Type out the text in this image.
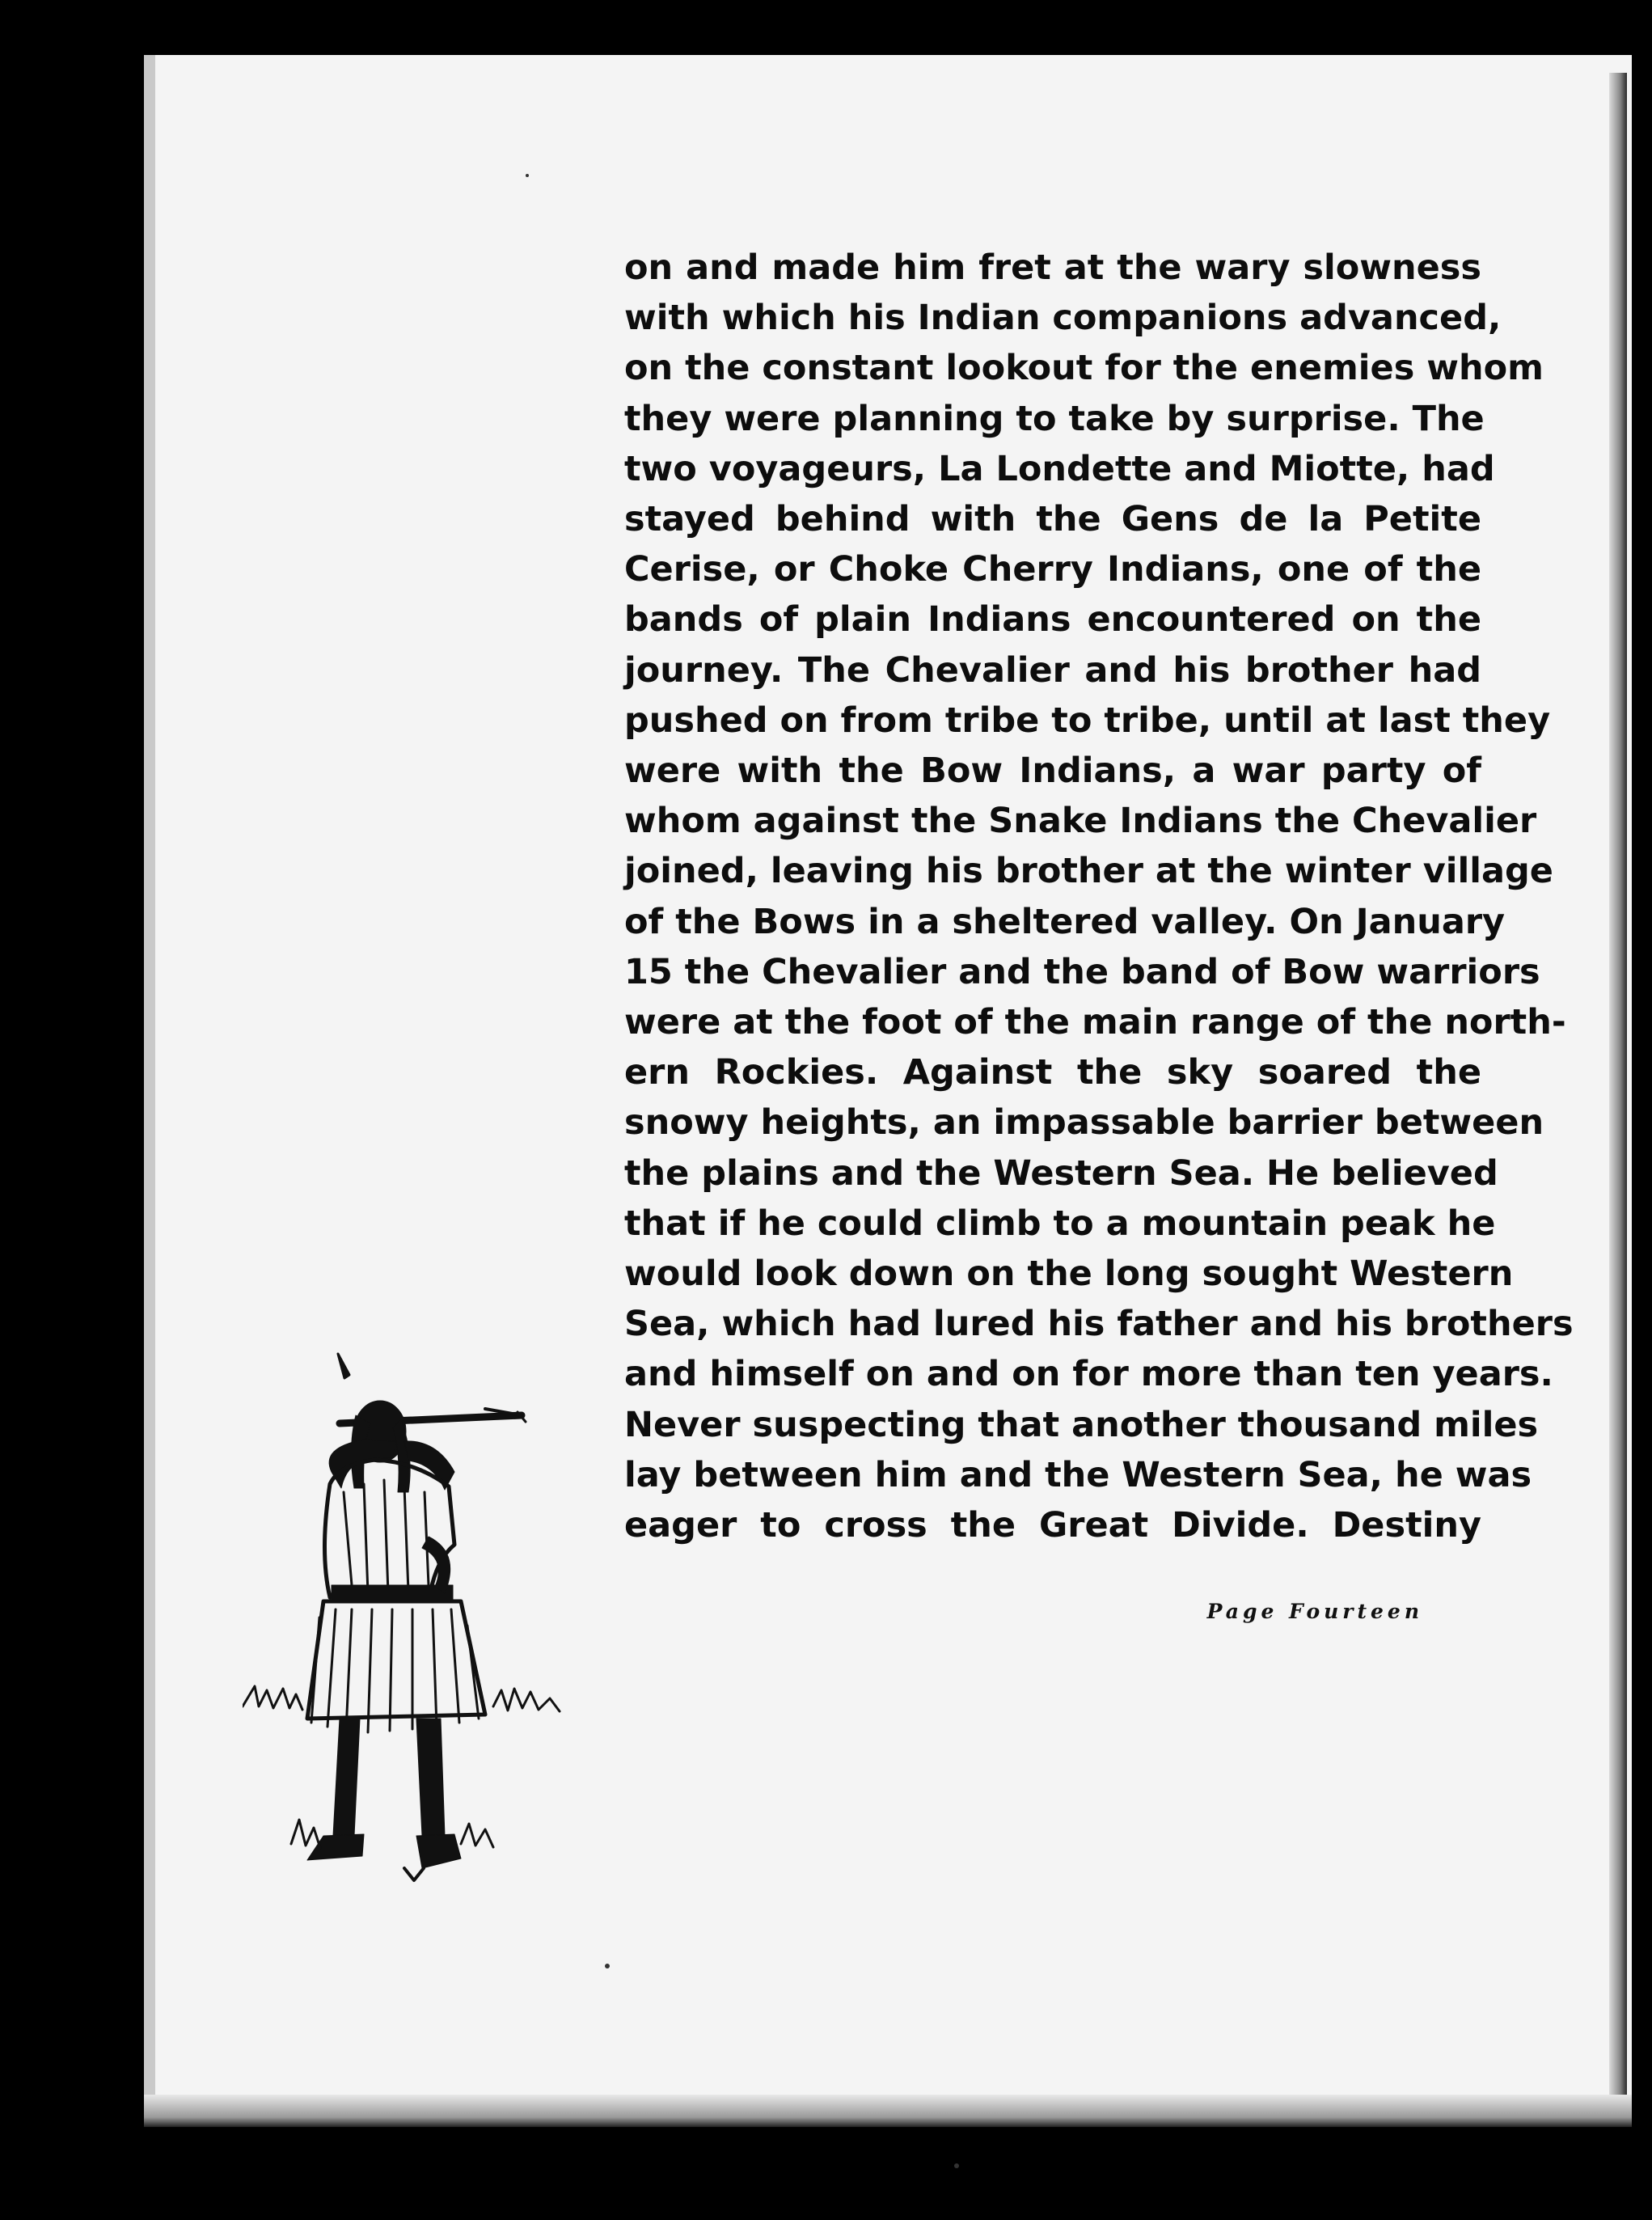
on and made him fret at the wary slowness
with which his Indian companions advanced,
on the constant lookout for the enemies whom
they were planning to take by surprise. The
two voyageurs, La Londette and Miotte, had
stayed behind with the Gens de la Petite
Cerise, or Choke Cherry Indians, one of the
bands of plain Indians encountered on the
journey. The Chevalier and his brother had
pushed on from tribe to tribe, until at last they
were with the Bow Indians, a war party of
whom against the Snake Indians the Chevalier
joined, leaving his brother at the winter village
of the Bows in a sheltered valley. On January
15 the Chevalier and the band of Bow warriors
were at the foot of the main range of the north-
ern Rockies. Against the sky soared the
snowy heights, an impassable barrier between
the plains and the Western Sea. He believed
that if he could climb to a mountain peak he
would look down on the long sought Western
Sea, which had lured his father and his brothers
and himself on and on for more than ten years.
Never suspecting that another thousand miles
lay between him and the Western Sea, he was
eager to cross the Great Divide. Destiny
Page Fourteen
